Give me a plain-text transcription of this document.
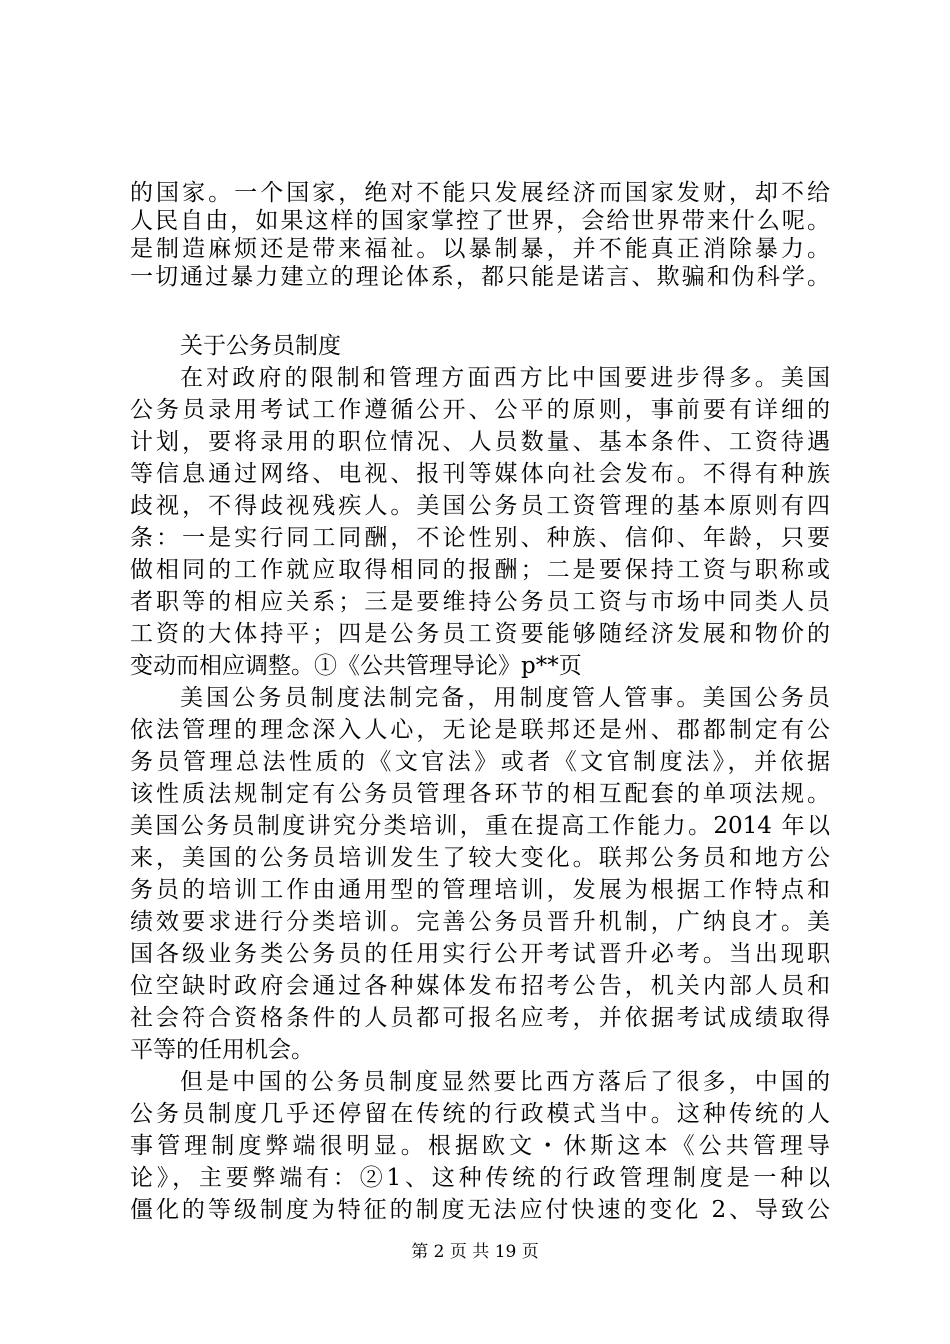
的国家。一个国家，绝对不能只发展经济而国家发财，却不给
人民自由，如果这样的国家掌控了世界，会给世界带来什么呢。
是制造麻烦还是带来福祉。以暴制暴，并不能真正消除暴力。
一切通过暴力建立的理论体系，都只能是诺言、欺骗和伪科学。
关于公务员制度
在对政府的限制和管理方面西方比中国要进步得多。美国
公务员录用考试工作遵循公开、公平的原则，事前要有详细的
计划，要将录用的职位情况、人员数量、基本条件、工资待遇
等信息通过网络、电视、报刊等媒体向社会发布。不得有种族
歧视，不得歧视残疾人。美国公务员工资管理的基本原则有四
条：一是实行同工同酬，不论性别、种族、信仰、年龄，只要
做相同的工作就应取得相同的报酬；二是要保持工资与职称或
者职等的相应关系；三是要维持公务员工资与市场中同类人员
工资的大体持平；四是公务员工资要能够随经济发展和物价的
变动而相应调整。①《公共管理导论》p**页
美国公务员制度法制完备，用制度管人管事。美国公务员
依法管理的理念深入人心，无论是联邦还是州、郡都制定有公
务员管理总法性质的《文官法》或者《文官制度法》，并依据
该性质法规制定有公务员管理各环节的相互配套的单项法规。
美国公务员制度讲究分类培训，重在提高工作能力。2014 年以
来，美国的公务员培训发生了较大变化。联邦公务员和地方公
务员的培训工作由通用型的管理培训，发展为根据工作特点和
绩效要求进行分类培训。完善公务员晋升机制，广纳良才。美
国各级业务类公务员的任用实行公开考试晋升必考。当出现职
位空缺时政府会通过各种媒体发布招考公告，机关内部人员和
社会符合资格条件的人员都可报名应考，并依据考试成绩取得
平等的任用机会。
但是中国的公务员制度显然要比西方落后了很多，中国的
公务员制度几乎还停留在传统的行政模式当中。这种传统的人
事管理制度弊端很明显。根据欧文・休斯这本《公共管理导
论》，主要弊端有：②1、这种传统的行政管理制度是一种以
僵化的等级制度为特征的制度无法应付快速的变化 2、导致公
第 2 页 共 19 页
